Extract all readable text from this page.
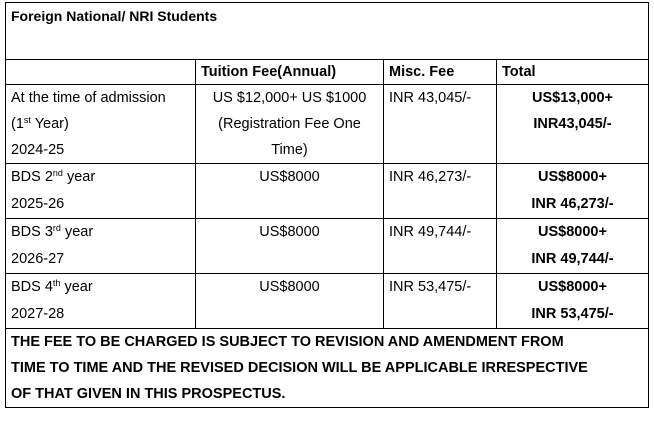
Foreign National/ NRI Students			
	Tuition Fee(Annual)	Misc. Fee	Total

At the time of admission
(1st Year)
2024-25	US $12,000+ US $1000
(Registration Fee One
Time)	INR 43,045/-	US$13,000+
INR43,045/-

BDS 2nd year
2025-26	US$8000	INR 46,273/-	US$8000+
INR 46,273/-

BDS 3rd year
2026-27	US$8000	INR 49,744/-	US$8000+
INR 49,744/-

BDS 4th year
2027-28	US$8000	INR 53,475/-	US$8000+
INR 53,475/-

THE FEE TO BE CHARGED IS SUBJECT TO REVISION AND AMENDMENT FROM
TIME TO TIME AND THE REVISED DECISION WILL BE APPLICABLE IRRESPECTIVE
OF THAT GIVEN IN THIS PROSPECTUS.			
